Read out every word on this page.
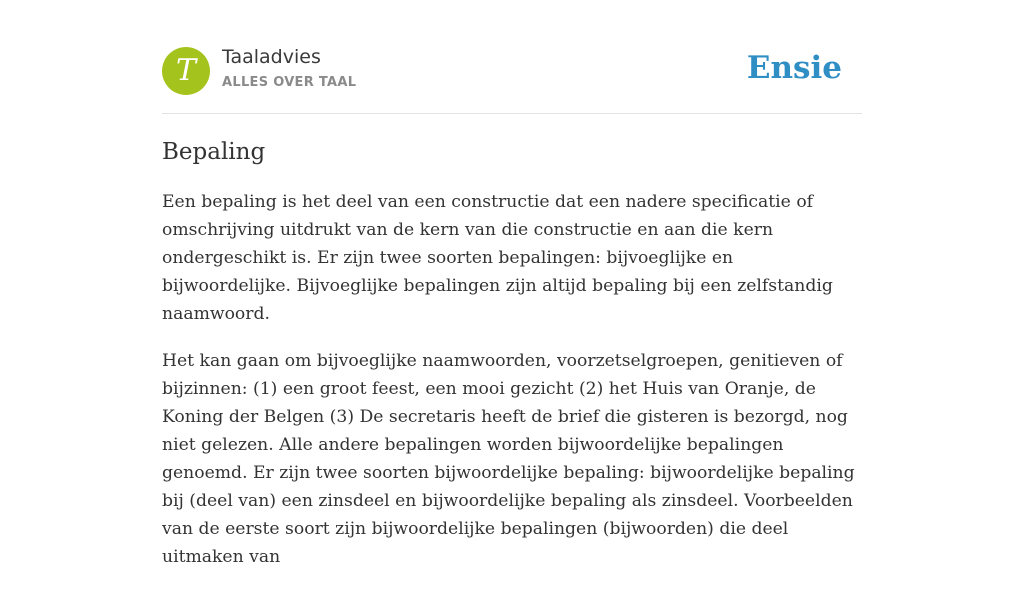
T	Taaladvies
ALLES OVER TAAL	Ensie
Bepaling

Een bepaling is het deel van een constructie dat een nadere specificatie of omschrijving uitdrukt van de kern van die constructie en aan die kern ondergeschikt is. Er zijn twee soorten bepalingen: bijvoeglijke en bijwoordelijke. Bijvoeglijke bepalingen zijn altijd bepaling bij een zelfstandig naamwoord.

Het kan gaan om bijvoeglijke naamwoorden, voorzetselgroepen, genitieven of bijzinnen: (1) een groot feest, een mooi gezicht (2) het Huis van Oranje, de Koning der Belgen (3) De secretaris heeft de brief die gisteren is bezorgd, nog niet gelezen. Alle andere bepalingen worden bijwoordelijke bepalingen genoemd. Er zijn twee soorten bijwoordelijke bepaling: bijwoordelijke bepaling bij (deel van) een zinsdeel en bijwoordelijke bepaling als zinsdeel. Voorbeelden van de eerste soort zijn bijwoordelijke bepalingen (bijwoorden) die deel uitmaken van
